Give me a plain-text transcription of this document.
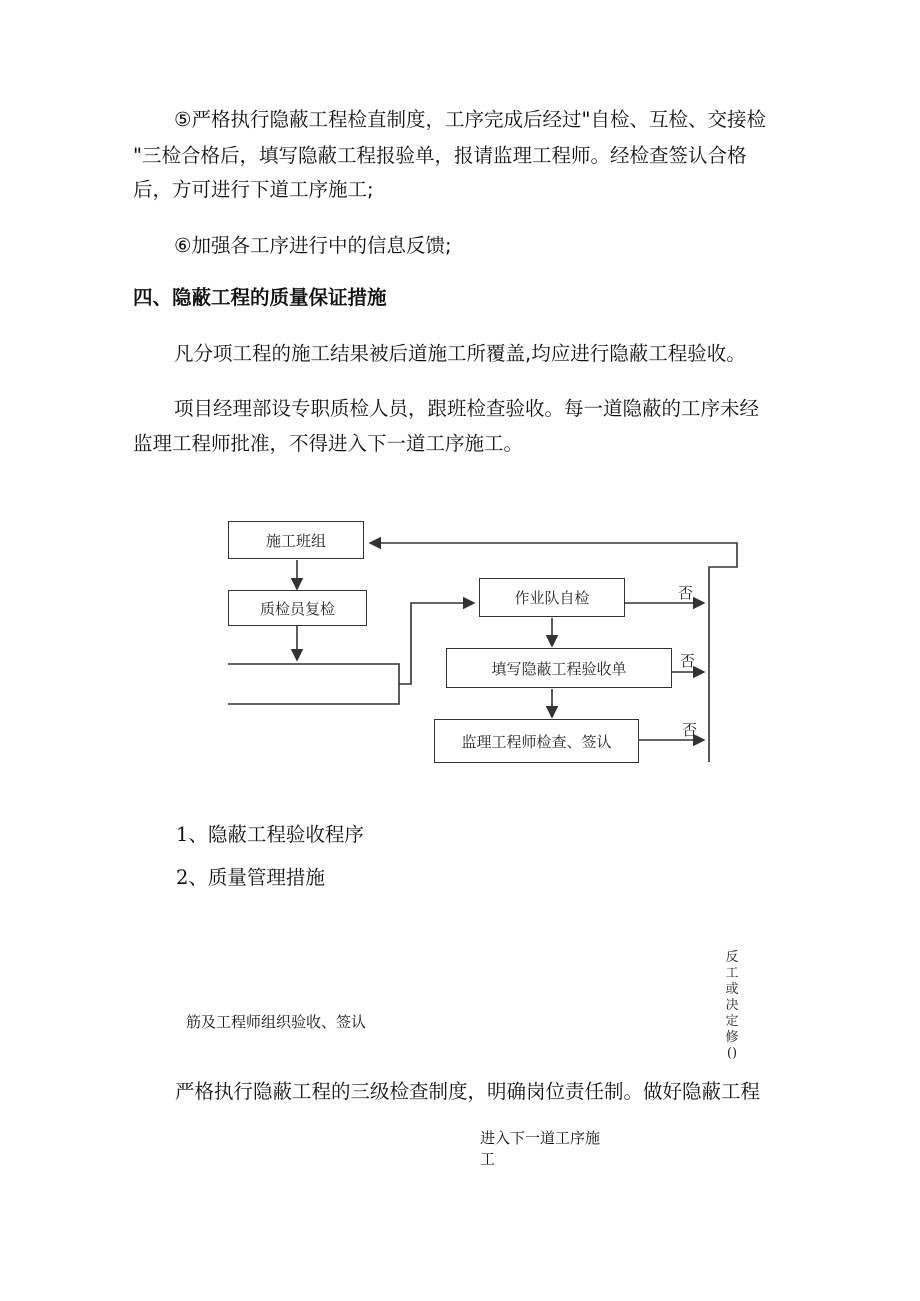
⑤严格执行隐蔽工程检直制度，工序完成后经过"自检、互检、交接检
"三检合格后，填写隐蔽工程报验单，报请监理工程师。经检查签认合格
后，方可进行下道工序施工;
⑥加强各工序进行中的信息反馈;
四、隐蔽工程的质量保证措施
凡分项工程的施工结果被后道施工所覆盖,均应进行隐蔽工程验收。
项目经理部设专职质检人员，跟班检查验收。每一道隐蔽的工序未经
监理工程师批准，不得进入下一道工序施工。
施工班组
质检员复检
作业队自检
填写隐蔽工程验收单
监理工程师检查、签认
否
否
否
1、隐蔽工程验收程序
2、质量管理措施
反工或决定修()
筋及工程师组织验收、签认
严格执行隐蔽工程的三级检查制度，明确岗位责任制。做好隐蔽工程
进入下一道工序施
工
